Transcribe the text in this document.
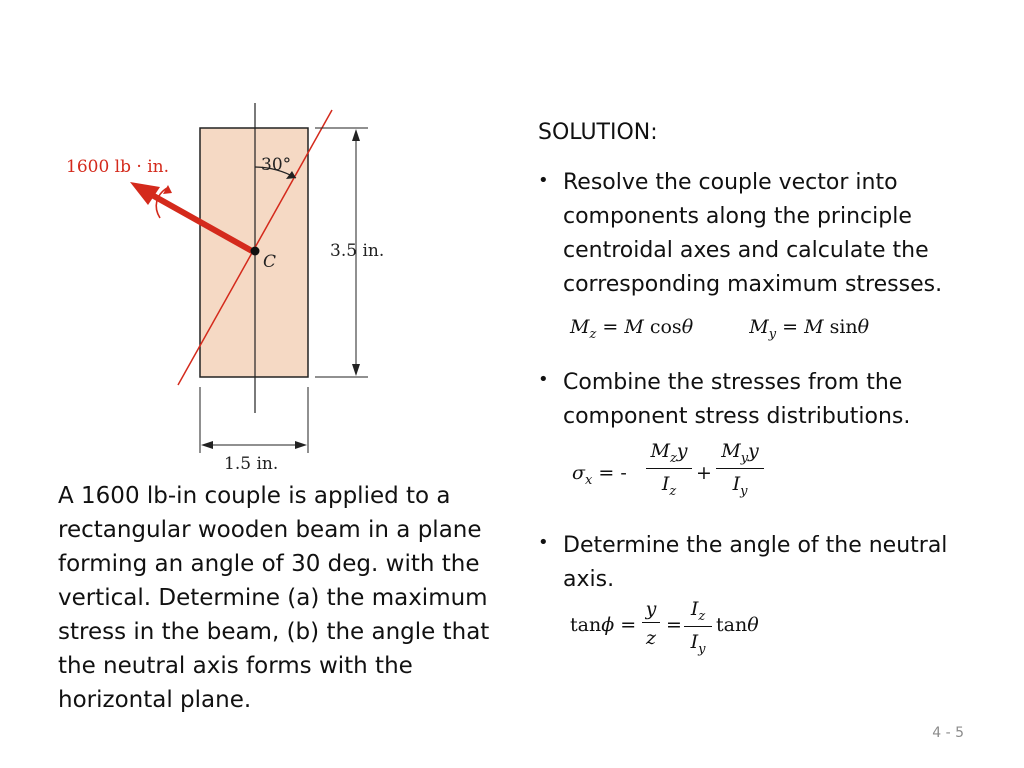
1600 lb · in.	30°
C
3.5 in.
1.5 in.
A 1600 lb-in couple is applied to a rectangular wooden beam in a plane forming an angle of 30 deg. with the vertical. Determine (a) the maximum stress in the beam, (b) the angle that the neutral axis forms with the horizontal plane.
SOLUTION:
• Resolve the couple vector into components along the principle centroidal axes and calculate the corresponding maximum stresses.
$M_z = M$ cosθ	$M_y = M$ sinθ
• Combine the stresses from the component stress distributions.
$\sigma_x$ = -
$M_zy$
$I_z$
+
$M_yy$
$I_y$
• Determine the angle of the neutral axis.
$\tan\phi = \frac{y}{z}$ =
$I_z$
$I_y$
tanθ
4 - 5
